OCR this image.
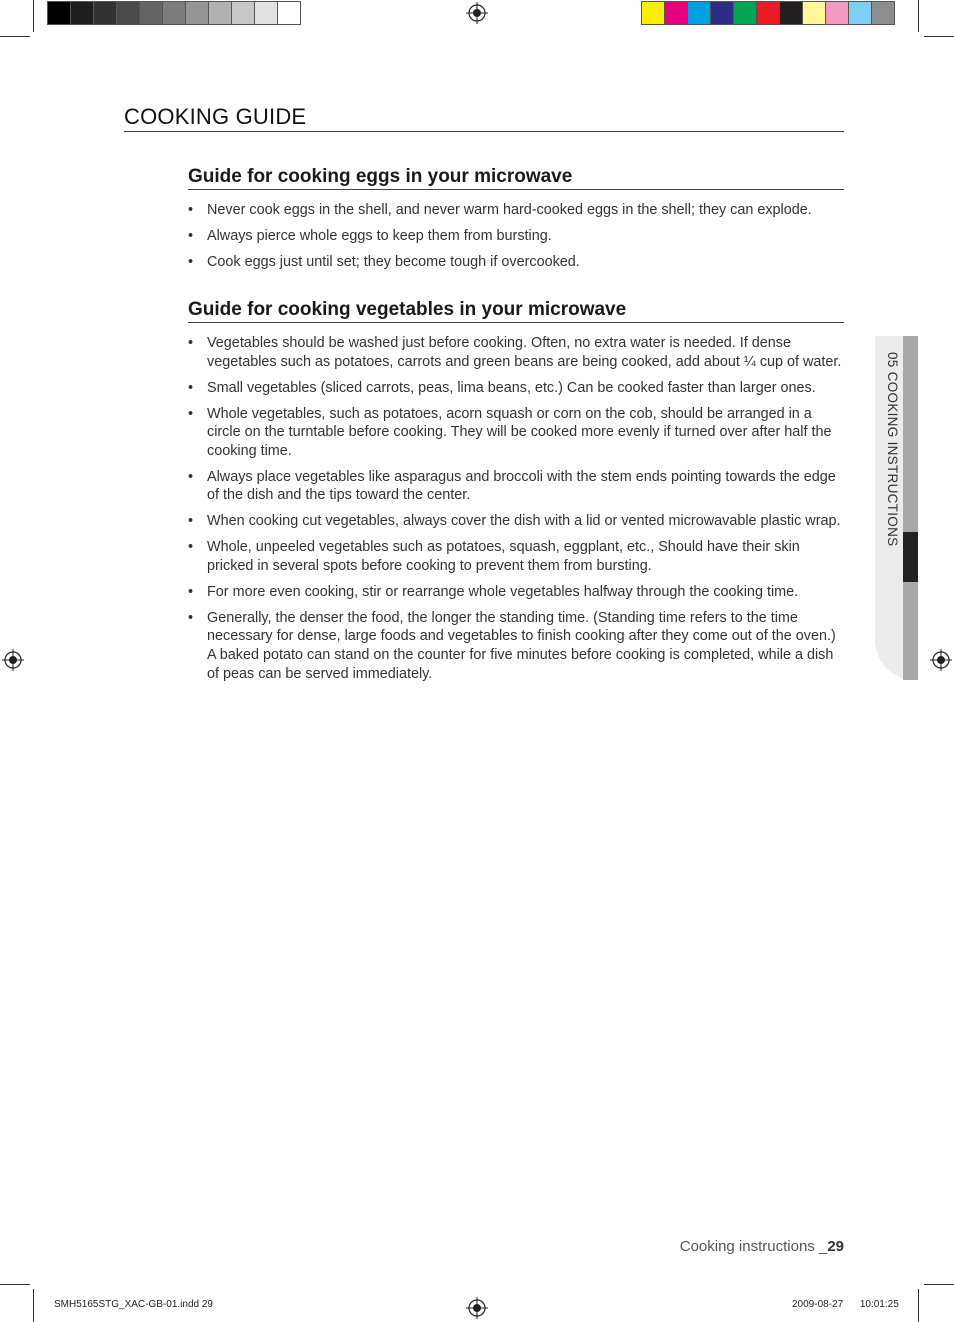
COOKING GUIDE
Guide for cooking eggs in your microwave
• Never cook eggs in the shell, and never warm hard-cooked eggs in the shell; they can explode.
• Always pierce whole eggs to keep them from bursting.
• Cook eggs just until set; they become tough if overcooked.
Guide for cooking vegetables in your microwave
• Vegetables should be washed just before cooking. Often, no extra water is needed. If dense vegetables such as potatoes, carrots and green beans are being cooked, add about ¼ cup of water.
• Small vegetables (sliced carrots, peas, lima beans, etc.) Can be cooked faster than larger ones.
• Whole vegetables, such as potatoes, acorn squash or corn on the cob, should be arranged in a circle on the turntable before cooking. They will be cooked more evenly if turned over after half the cooking time.
• Always place vegetables like asparagus and broccoli with the stem ends pointing towards the edge of the dish and the tips toward the center.
• When cooking cut vegetables, always cover the dish with a lid or vented microwavable plastic wrap.
• Whole, unpeeled vegetables such as potatoes, squash, eggplant, etc., Should have their skin pricked in several spots before cooking to prevent them from bursting.
• For more even cooking, stir or rearrange whole vegetables halfway through the cooking time.
• Generally, the denser the food, the longer the standing time. (Standing time refers to the time necessary for dense, large foods and vegetables to finish cooking after they come out of the oven.) A baked potato can stand on the counter for five minutes before cooking is completed, while a dish of peas can be served immediately.
05 COOKING INSTRUCTIONS
Cooking instructions _29
SMH5165STG_XAC-GB-01.indd 29	2009-08-27 10:01:25
